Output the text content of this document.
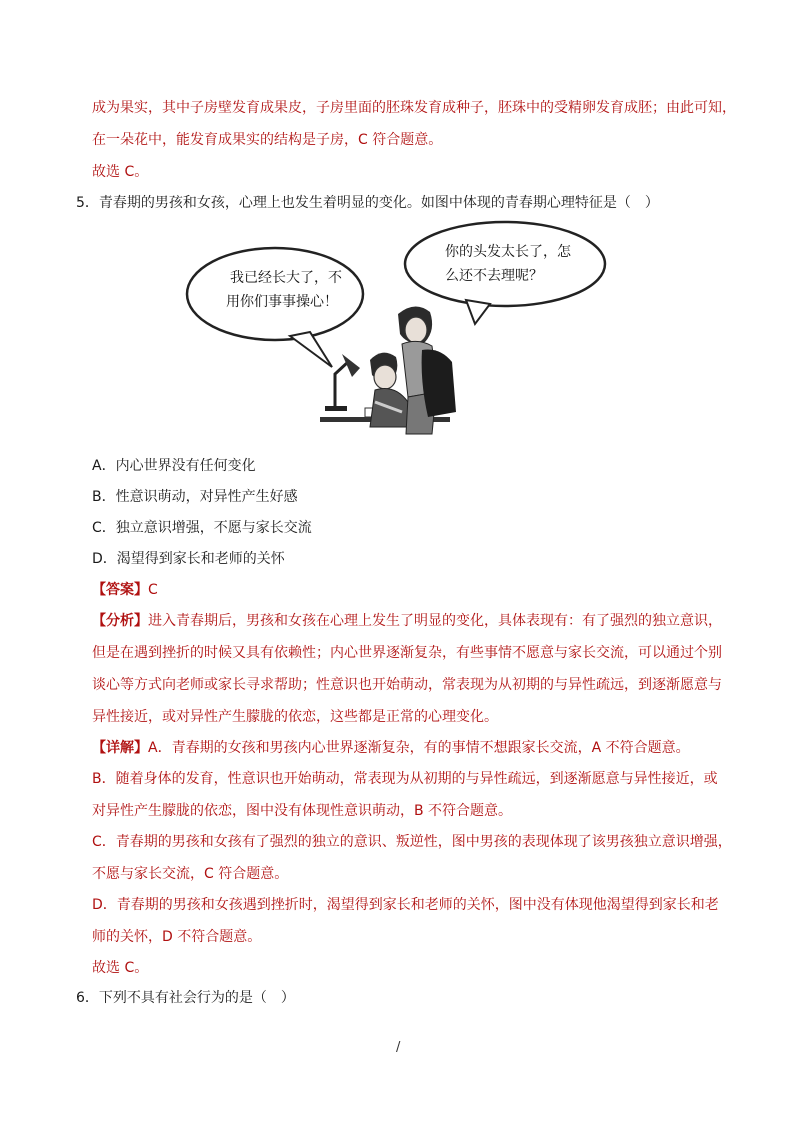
成为果实，其中子房壁发育成果皮，子房里面的胚珠发育成种子，胚珠中的受精卵发育成胚；由此可知，
在一朵花中，能发育成果实的结构是子房，C 符合题意。
故选 C。
5．青春期的男孩和女孩，心理上也发生着明显的变化。如图中体现的青春期心理特征是（　）
我已经长大了，不
用你们事事操心！
你的头发太长了，怎
么还不去理呢？
A．内心世界没有任何变化
B．性意识萌动，对异性产生好感
C．独立意识增强，不愿与家长交流
D．渴望得到家长和老师的关怀
【答案】C
【分析】进入青春期后，男孩和女孩在心理上发生了明显的变化，具体表现有：有了强烈的独立意识，
但是在遇到挫折的时候又具有依赖性；内心世界逐渐复杂，有些事情不愿意与家长交流，可以通过个别
谈心等方式向老师或家长寻求帮助；性意识也开始萌动，常表现为从初期的与异性疏远，到逐渐愿意与
异性接近，或对异性产生朦胧的依恋，这些都是正常的心理变化。
【详解】A．青春期的女孩和男孩内心世界逐渐复杂，有的事情不想跟家长交流，A 不符合题意。
B．随着身体的发育，性意识也开始萌动，常表现为从初期的与异性疏远，到逐渐愿意与异性接近，或
对异性产生朦胧的依恋，图中没有体现性意识萌动，B 不符合题意。
C．青春期的男孩和女孩有了强烈的独立的意识、叛逆性，图中男孩的表现体现了该男孩独立意识增强，
不愿与家长交流，C 符合题意。
D．青春期的男孩和女孩遇到挫折时，渴望得到家长和老师的关怀，图中没有体现他渴望得到家长和老
师的关怀，D 不符合题意。
故选 C。
6．下列不具有社会行为的是（　）
/
